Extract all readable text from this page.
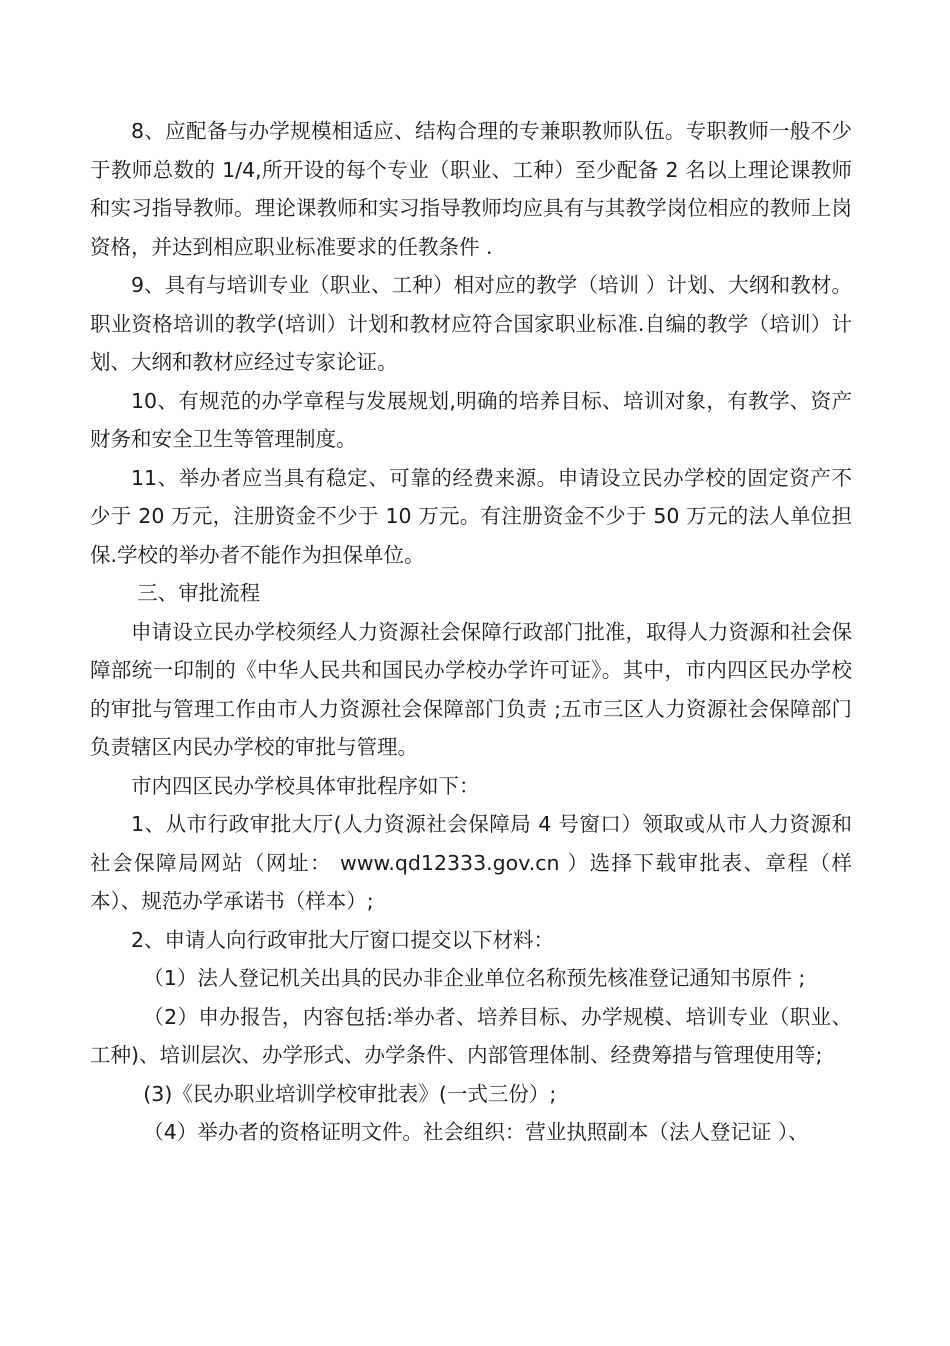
8、应配备与办学规模相适应、结构合理的专兼职教师队伍。专职教师一般不少于教师总数的 1/4,所开设的每个专业（职业、工种）至少配备 2 名以上理论课教师和实习指导教师。理论课教师和实习指导教师均应具有与其教学岗位相应的教师上岗资格，并达到相应职业标准要求的任教条件 .

9、具有与培训专业（职业、工种）相对应的教学（培训 ）计划、大纲和教材。职业资格培训的教学(培训）计划和教材应符合国家职业标准.自编的教学（培训）计划、大纲和教材应经过专家论证。

10、有规范的办学章程与发展规划,明确的培养目标、培训对象，有教学、资产财务和安全卫生等管理制度。

11、举办者应当具有稳定、可靠的经费来源。申请设立民办学校的固定资产不少于 20 万元，注册资金不少于 10 万元。有注册资金不少于 50 万元的法人单位担保.学校的举办者不能作为担保单位。

三、审批流程

申请设立民办学校须经人力资源社会保障行政部门批准，取得人力资源和社会保障部统一印制的《中华人民共和国民办学校办学许可证》。其中，市内四区民办学校的审批与管理工作由市人力资源社会保障部门负责 ;五市三区人力资源社会保障部门负责辖区内民办学校的审批与管理。

市内四区民办学校具体审批程序如下：

1、从市行政审批大厅(人力资源社会保障局 4 号窗口）领取或从市人力资源和社会保障局网站（网址： www.qd12333.gov.cn ）选择下载审批表、章程（样本）、规范办学承诺书（样本）;

2、申请人向行政审批大厅窗口提交以下材料：

（1）法人登记机关出具的民办非企业单位名称预先核准登记通知书原件 ;

（2）申办报告，内容包括:举办者、培养目标、办学规模、培训专业（职业、工种)、培训层次、办学形式、办学条件、内部管理体制、经费筹措与管理使用等;

(3)《民办职业培训学校审批表》(一式三份）;

（4）举办者的资格证明文件。社会组织：营业执照副本（法人登记证 ）、
